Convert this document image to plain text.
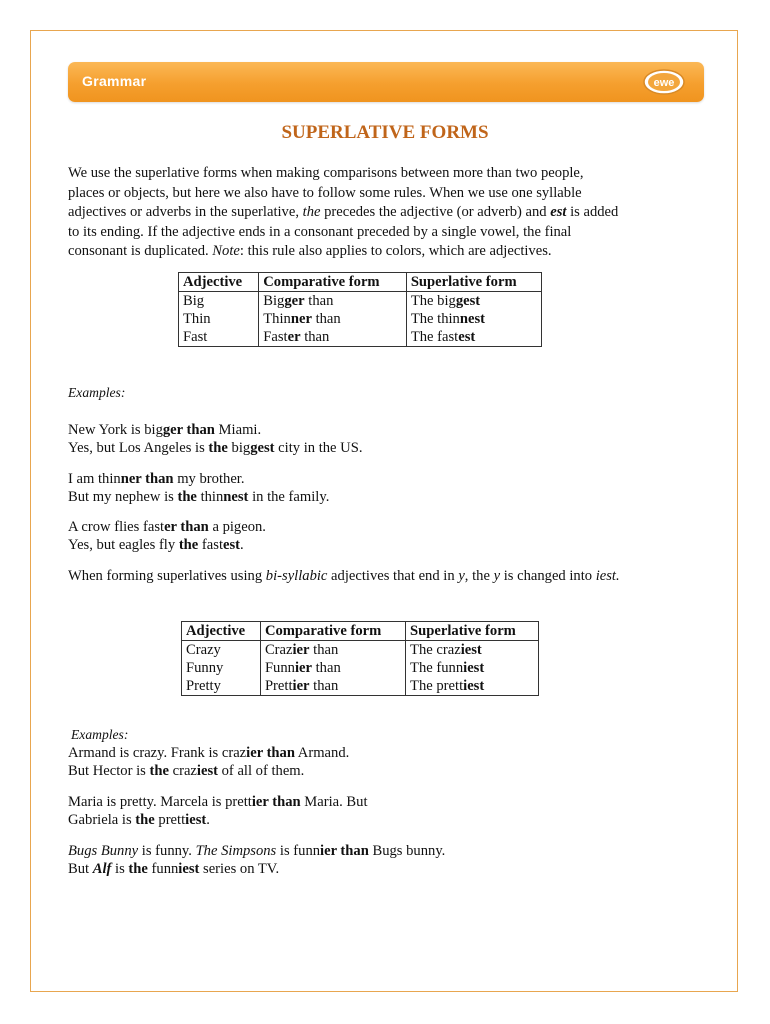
Grammar	ewe
SUPERLATIVE FORMS

We use the superlative forms when making comparisons between more than two people,

places or objects, but here we also have to follow some rules. When we use one syllable

adjectives or adverbs in the superlative, the precedes the adjective (or adverb) and est is added

to its ending. If the adjective ends in a consonant preceded by a single vowel, the final

consonant is duplicated. Note: this rule also applies to colors, which are adjectives.

Adjective	Comparative form	Superlative form
Big	Bigger than	The biggest
Thin	Thinner than	The thinnest
Fast	Faster than	The fastest

Examples:

New York is bigger than Miami.

Yes, but Los Angeles is the biggest city in the US.

I am thinner than my brother.

But my nephew is the thinnest in the family.

A crow flies faster than a pigeon.

Yes, but eagles fly the fastest.

When forming superlatives using bi-syllabic adjectives that end in y, the y is changed into iest.

Adjective	Comparative form	Superlative form
Crazy	Crazier than	The craziest
Funny	Funnier than	The funniest
Pretty	Prettier than	The prettiest

Examples:

Armand is crazy. Frank is crazier than Armand.

But Hector is the craziest of all of them.

Maria is pretty. Marcela is prettier than Maria. But

Gabriela is the prettiest.

Bugs Bunny is funny. The Simpsons is funnier than Bugs bunny.

But Alf is the funniest series on TV.
